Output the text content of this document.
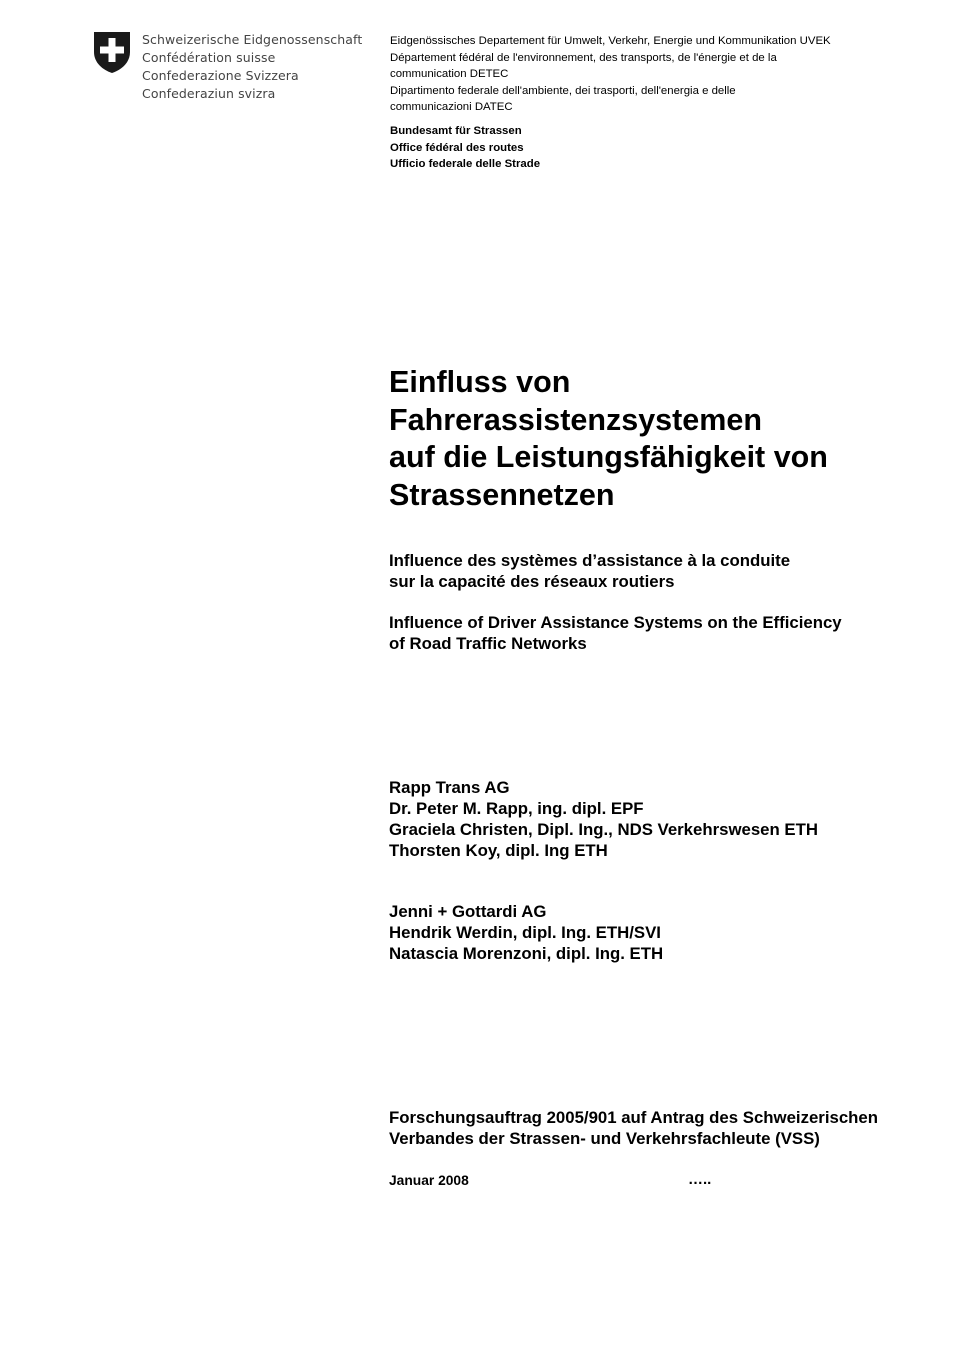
Schweizerische Eidgenossenschaft
Confédération suisse
Confederazione Svizzera
Confederaziun svizra
Eidgenössisches Departement für Umwelt, Verkehr, Energie und Kommunikation UVEK
Département fédéral de l'environnement, des transports, de l'énergie et de la
communication DETEC
Dipartimento federale dell'ambiente, dei trasporti, dell'energia e delle
communicazioni DATEC
Bundesamt für Strassen
Office fédéral des routes
Ufficio federale delle Strade
Einfluss von
Fahrerassistenzsystemen
auf die Leistungsfähigkeit von
Strassennetzen
Influence des systèmes d’assistance à la conduite
sur la capacité des réseaux routiers
Influence of Driver Assistance Systems on the Efficiency
of Road Traffic Networks
Rapp Trans AG
Dr. Peter M. Rapp, ing. dipl. EPF
Graciela Christen, Dipl. Ing., NDS Verkehrswesen ETH
Thorsten Koy, dipl. Ing ETH
Jenni + Gottardi AG
Hendrik Werdin, dipl. Ing. ETH/SVI
Natascia Morenzoni, dipl. Ing. ETH
Forschungsauftrag 2005/901 auf Antrag des Schweizerischen
Verbandes der Strassen- und Verkehrsfachleute (VSS)
Januar 2008	…..
